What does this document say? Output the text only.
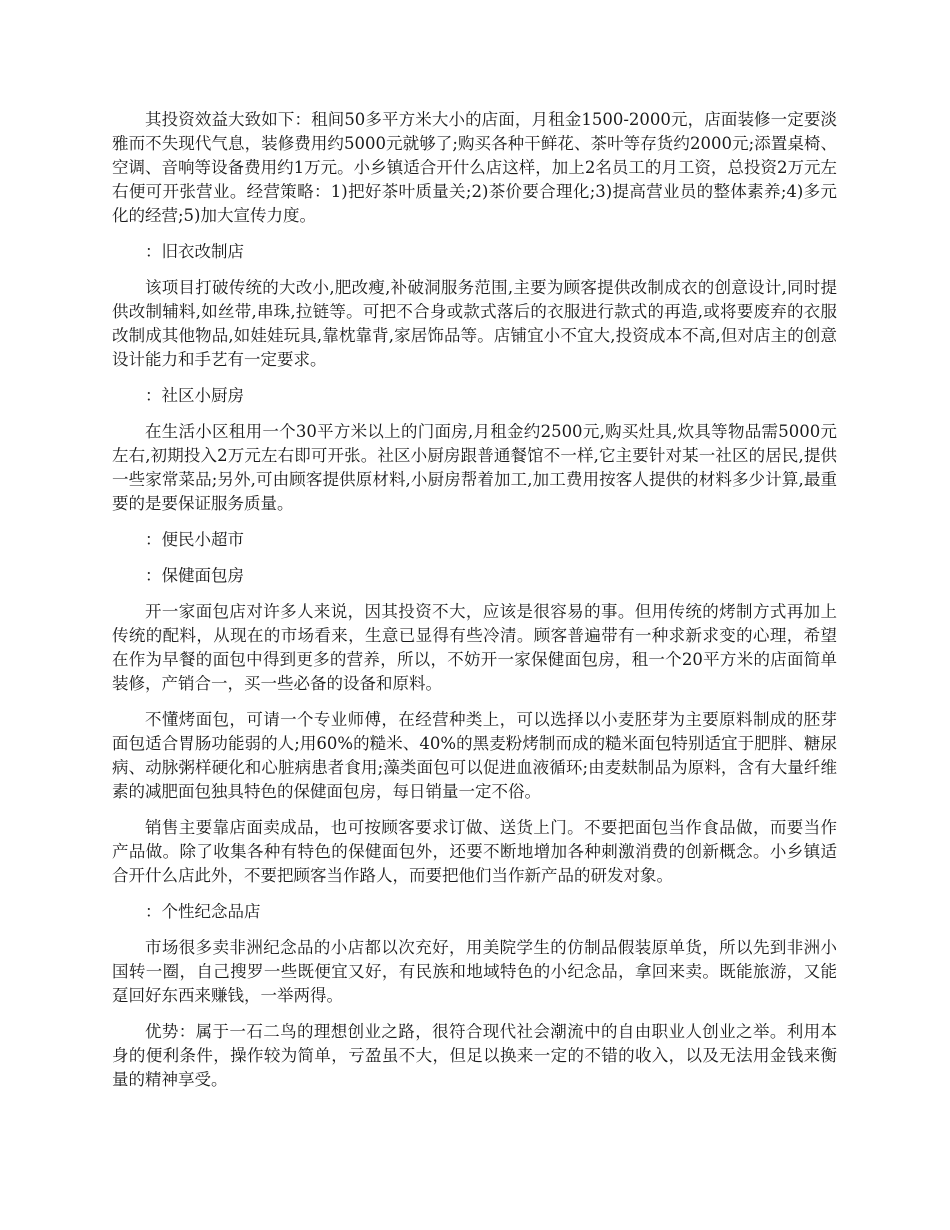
其投资效益大致如下：租间50多平方米大小的店面，月租金1500-2000元，店面装修一定要淡雅而不失现代气息，装修费用约5000元就够了;购买各种干鲜花、茶叶等存货约2000元;添置桌椅、空调、音响等设备费用约1万元。小乡镇适合开什么店这样，加上2名员工的月工资，总投资2万元左右便可开张营业。经营策略：1)把好茶叶质量关;2)茶价要合理化;3)提高营业员的整体素养;4)多元化的经营;5)加大宣传力度。

：旧衣改制店

该项目打破传统的大改小,肥改瘦,补破洞服务范围,主要为顾客提供改制成衣的创意设计,同时提供改制辅料,如丝带,串珠,拉链等。可把不合身或款式落后的衣服进行款式的再造,或将要废弃的衣服改制成其他物品,如娃娃玩具,靠枕靠背,家居饰品等。店铺宜小不宜大,投资成本不高,但对店主的创意设计能力和手艺有一定要求。

：社区小厨房

在生活小区租用一个30平方米以上的门面房,月租金约2500元,购买灶具,炊具等物品需5000元左右,初期投入2万元左右即可开张。社区小厨房跟普通餐馆不一样,它主要针对某一社区的居民,提供一些家常菜品;另外,可由顾客提供原材料,小厨房帮着加工,加工费用按客人提供的材料多少计算,最重要的是要保证服务质量。

：便民小超市

：保健面包房

开一家面包店对许多人来说，因其投资不大，应该是很容易的事。但用传统的烤制方式再加上传统的配料，从现在的市场看来，生意已显得有些冷清。顾客普遍带有一种求新求变的心理，希望在作为早餐的面包中得到更多的营养，所以，不妨开一家保健面包房，租一个20平方米的店面简单装修，产销合一，买一些必备的设备和原料。

不懂烤面包，可请一个专业师傅，在经营种类上，可以选择以小麦胚芽为主要原料制成的胚芽面包适合胃肠功能弱的人;用60%的糙米、40%的黑麦粉烤制而成的糙米面包特别适宜于肥胖、糖尿病、动脉粥样硬化和心脏病患者食用;藻类面包可以促进血液循环;由麦麸制品为原料，含有大量纤维素的减肥面包独具特色的保健面包房，每日销量一定不俗。

销售主要靠店面卖成品，也可按顾客要求订做、送货上门。不要把面包当作食品做，而要当作产品做。除了收集各种有特色的保健面包外，还要不断地增加各种刺激消费的创新概念。小乡镇适合开什么店此外，不要把顾客当作路人，而要把他们当作新产品的研发对象。

：个性纪念品店

市场很多卖非洲纪念品的小店都以次充好，用美院学生的仿制品假装原单货，所以先到非洲小国转一圈，自己搜罗一些既便宜又好，有民族和地域特色的小纪念品，拿回来卖。既能旅游，又能趸回好东西来赚钱，一举两得。

优势：属于一石二鸟的理想创业之路，很符合现代社会潮流中的自由职业人创业之举。利用本身的便利条件，操作较为简单，亏盈虽不大，但足以换来一定的不错的收入，以及无法用金钱来衡量的精神享受。
